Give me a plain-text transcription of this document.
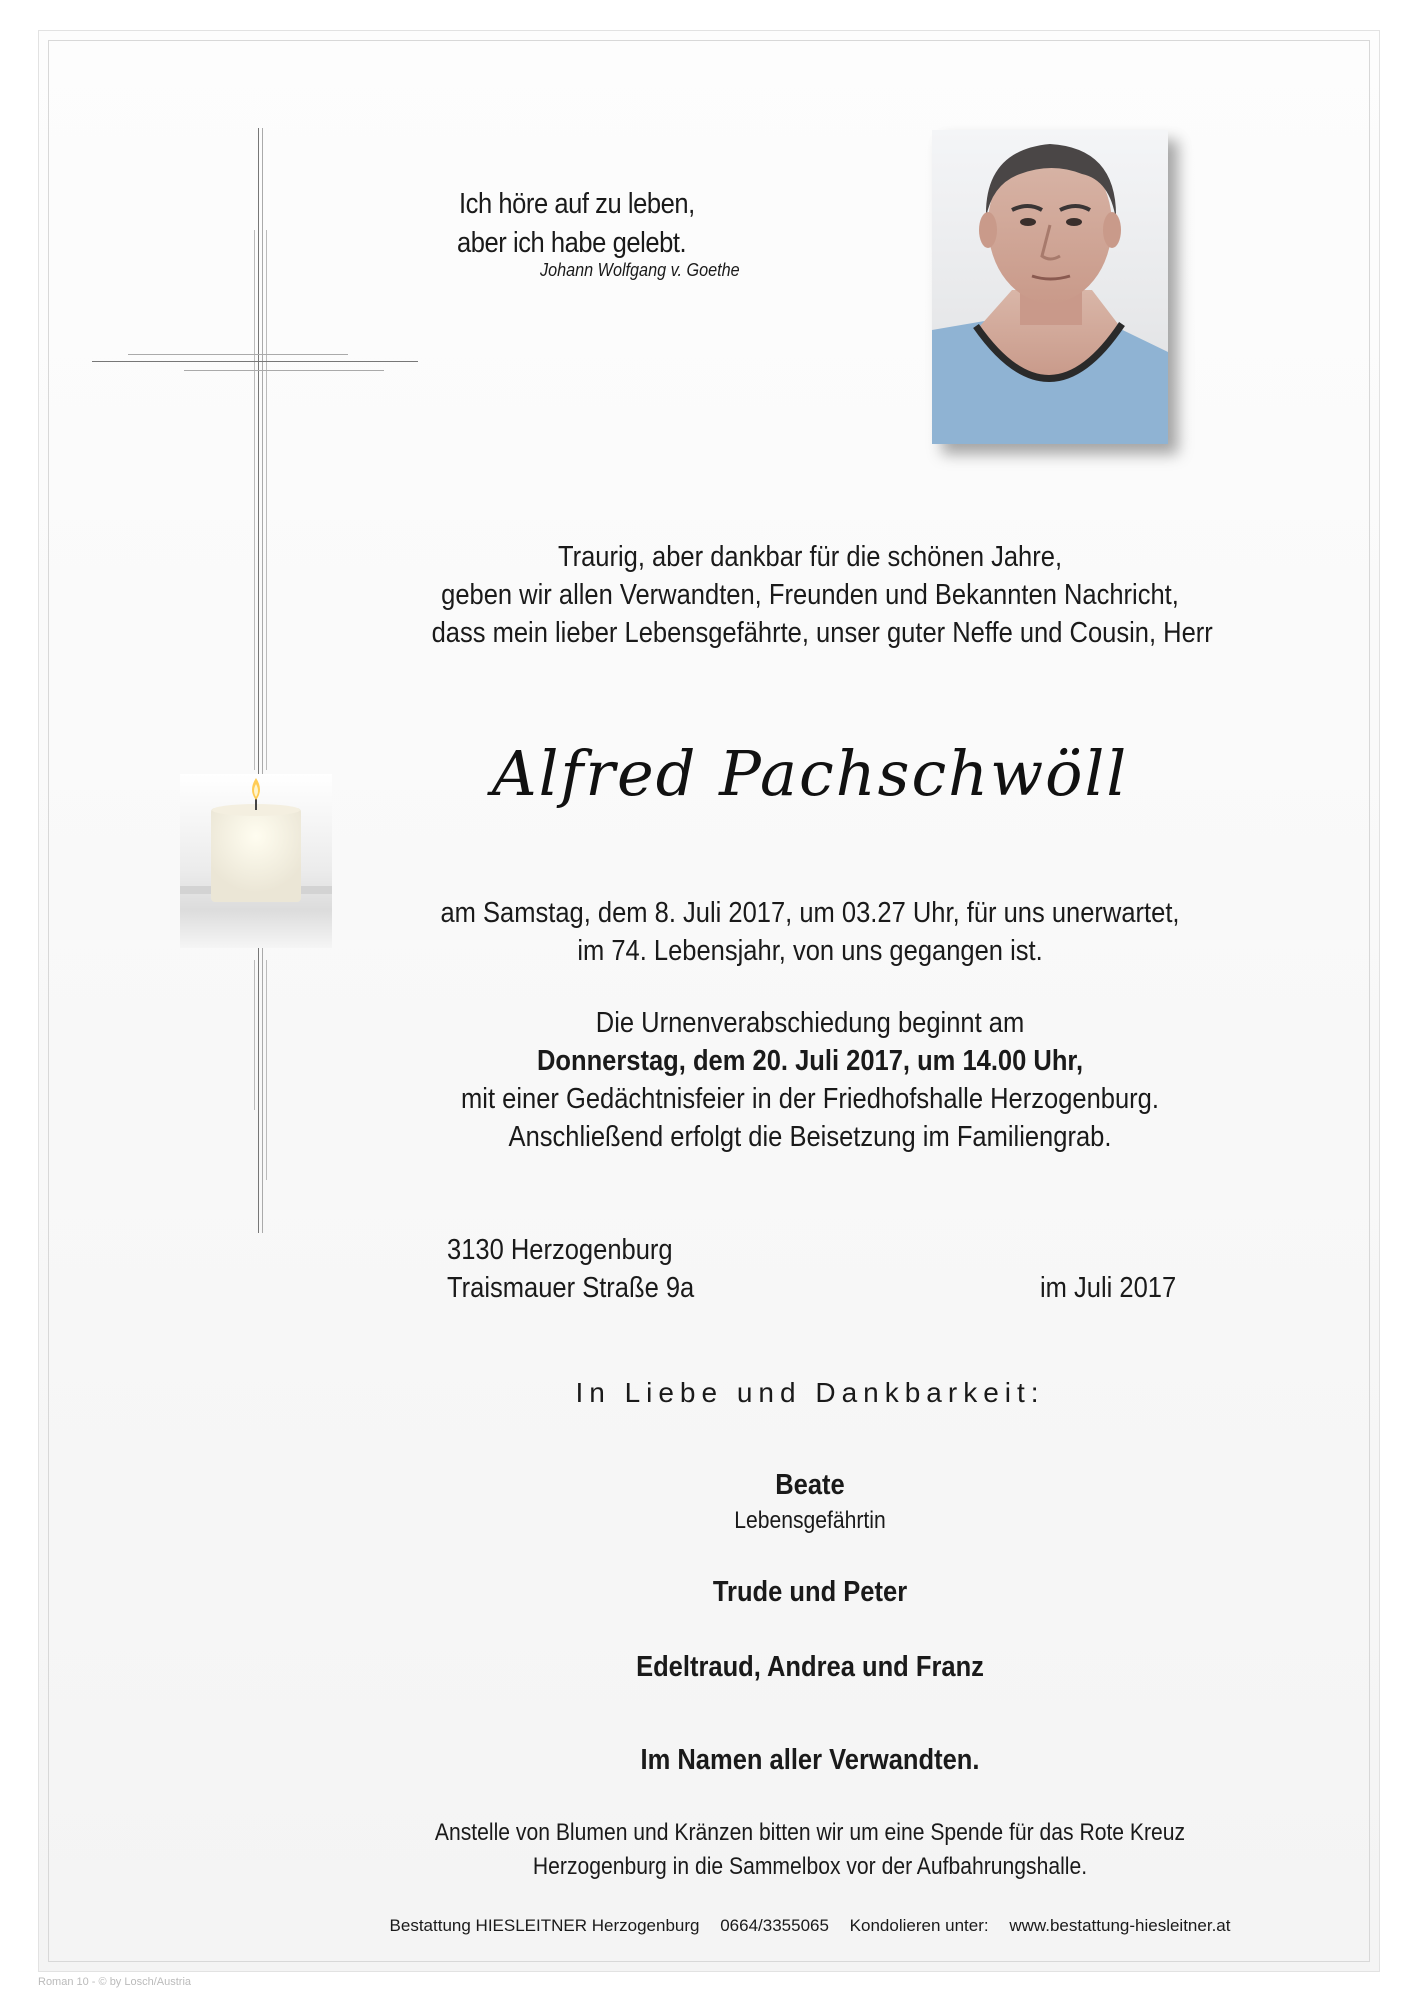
Ich höre auf zu leben,
aber ich habe gelebt.
Johann Wolfgang v. Goethe
Traurig, aber dankbar für die schönen Jahre,
geben wir allen Verwandten, Freunden und Bekannten Nachricht,
dass mein lieber Lebensgefährte, unser guter Neffe und Cousin, Herr
Alfred Pachschwöll
am Samstag, dem 8. Juli 2017, um 03.27 Uhr, für uns unerwartet,
im 74. Lebensjahr, von uns gegangen ist.
Die Urnenverabschiedung beginnt am
Donnerstag, dem 20. Juli 2017, um 14.00 Uhr,
mit einer Gedächtnisfeier in der Friedhofshalle Herzogenburg.
Anschließend erfolgt die Beisetzung im Familiengrab.
3130 Herzogenburg
Traismauer Straße 9a	im Juli 2017
In Liebe und Dankbarkeit:
Beate
Lebensgefährtin
Trude und Peter
Edeltraud, Andrea und Franz
Im Namen aller Verwandten.
Anstelle von Blumen und Kränzen bitten wir um eine Spende für das Rote Kreuz
Herzogenburg in die Sammelbox vor der Aufbahrungshalle.
Bestattung HIESLEITNER Herzogenburg 0664/3355065 Kondolieren unter: www.bestattung-hiesleitner.at
Roman 10 - © by Losch/Austria
